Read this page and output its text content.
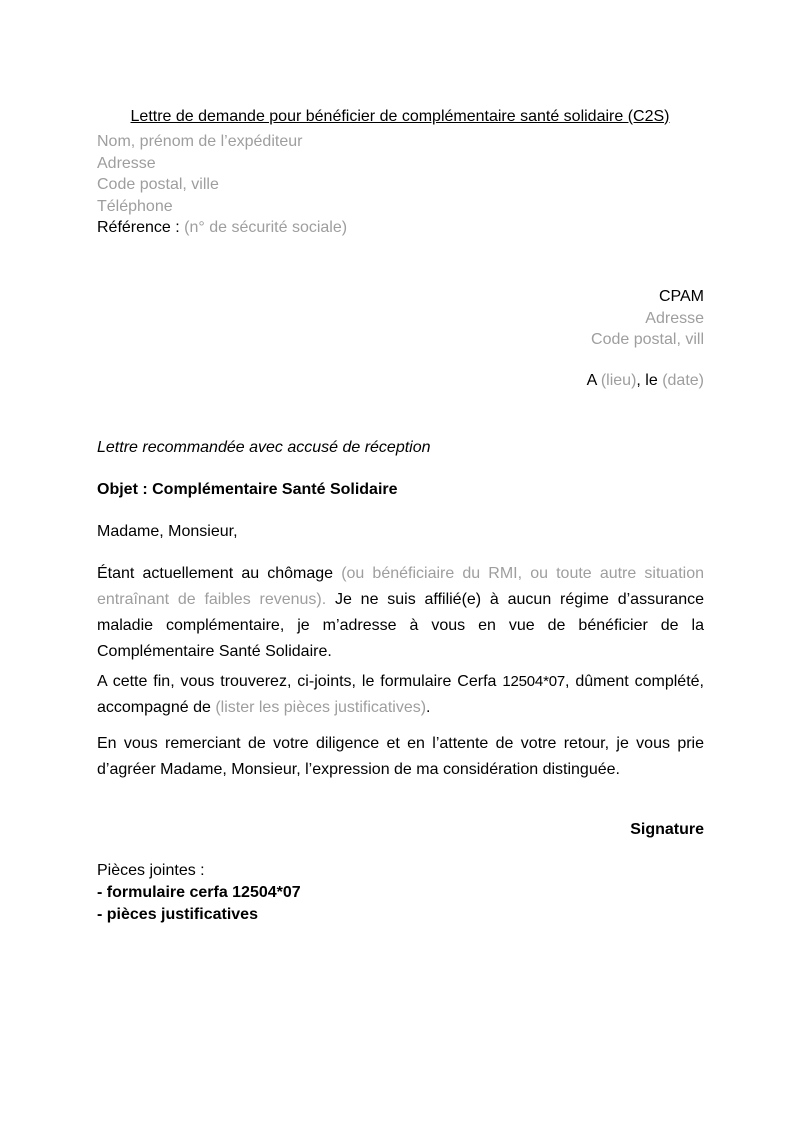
Lettre de demande pour bénéficier de complémentaire santé solidaire (C2S)
Nom, prénom de l’expéditeur
Adresse
Code postal, ville
Téléphone
Référence : (n° de sécurité sociale)
CPAM
Adresse
Code postal, vill
A (lieu), le (date)
Lettre recommandée avec accusé de réception
Objet : Complémentaire Santé Solidaire
Madame, Monsieur,

Étant actuellement au chômage (ou bénéficiaire du RMI, ou toute autre situation entraînant de faibles revenus). Je ne suis affilié(e) à aucun régime d’assurance maladie complémentaire, je m’adresse à vous en vue de bénéficier de la Complémentaire Santé Solidaire.

A cette fin, vous trouverez, ci-joints, le formulaire Cerfa 12504*07, dûment complété, accompagné de (lister les pièces justificatives).

En vous remerciant de votre diligence et en l’attente de votre retour, je vous prie d’agréer Madame, Monsieur, l’expression de ma considération distinguée.

Signature
Pièces jointes :
- formulaire cerfa 12504*07
- pièces justificatives
